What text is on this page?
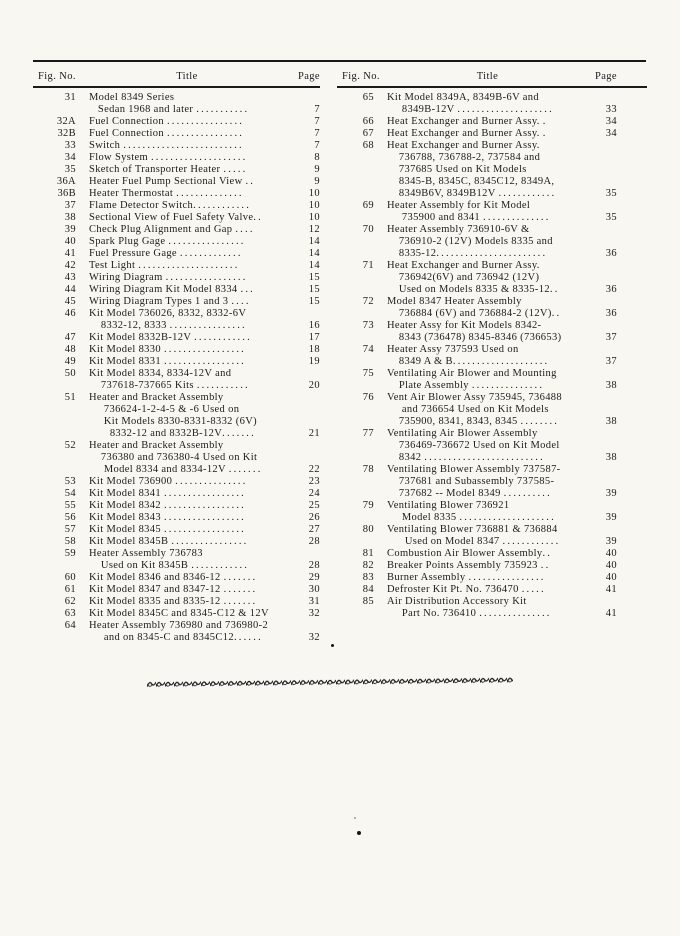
Fig. No.	Title	Page
31	Model 8349 Series
Sedan 1968 and later ...........	7
32A	Fuel Connection ................	7
32B	Fuel Connection ................	7
33	Switch .........................	7
34	Flow System ....................	8
35	Sketch of Transporter Heater .....	9
36A	Heater Fuel Pump Sectional View ..	9
36B	Heater Thermostat ..............	10
37	Flame Detector Switch............	10
38	Sectional View of Fuel Safety Valve..	10
39	Check Plug Alignment and Gap ....	12
40	Spark Plug Gage ................	14
41	Fuel Pressure Gage .............	14
42	Test Light .....................	14
43	Wiring Diagram .................	15
44	Wiring Diagram Kit Model 8334 ...	15
45	Wiring Diagram Types 1 and 3 ....	15
46	Kit Model 736026, 8332, 8332-6V
8332-12, 8333 ................	16
47	Kit Model 8332B-12V ............	17
48	Kit Model 8330 .................	18
49	Kit Model 8331 .................	19
50	Kit Model 8334, 8334-12V and
737618-737665 Kits ...........	20
51	Heater and Bracket Assembly
736624-1-2-4-5 & -6 Used on
Kit Models 8330-8331-8332 (6V)
8332-12 and 8332B-12V.......	21
52	Heater and Bracket Assembly
736380 and 736380-4 Used on Kit
Model 8334 and 8334-12V .......	22
53	Kit Model 736900 ...............	23
54	Kit Model 8341 .................	24
55	Kit Model 8342 .................	25
56	Kit Model 8343 .................	26
57	Kit Model 8345 .................	27
58	Kit Model 8345B ................	28
59	Heater Assembly 736783
Used on Kit 8345B ............	28
60	Kit Model 8346 and 8346-12 .......	29
61	Kit Model 8347 and 8347-12 .......	30
62	Kit Model 8335 and 8335-12 .......	31
63	Kit Model 8345C and 8345-C12 & 12V	32
64	Heater Assembly 736980 and 736980-2
and on 8345-C and 8345C12......	32
Fig. No.	Title	Page
65	Kit Model 8349A, 8349B-6V and
8349B-12V ....................	33
66	Heat Exchanger and Burner Assy. .	34
67	Heat Exchanger and Burner Assy. .	34
68	Heat Exchanger and Burner Assy.
736788, 736788-2, 737584 and
737685 Used on Kit Models
8345-B, 8345C, 8345C12, 8349A,
8349B6V, 8349B12V ............	35
69	Heater Assembly for Kit Model
735900 and 8341 ..............	35
70	Heater Assembly 736910-6V &
736910-2 (12V) Models 8335 and
8335-12.......................	36
71	Heat Exchanger and Burner Assy.
736942(6V) and 736942 (12V)
Used on Models 8335 & 8335-12..	36
72	Model 8347 Heater Assembly
736884 (6V) and 736884-2 (12V)..	36
73	Heater Assy for Kit Models 8342-
8343 (736478) 8345-8346 (736653)	37
74	Heater Assy 737593 Used on
8349 A & B....................	37
75	Ventilating Air Blower and Mounting
Plate Assembly ...............	38
76	Vent Air Blower Assy 735945, 736488
and 736654 Used on Kit Models
735900, 8341, 8343, 8345 ........	38
77	Ventilating Air Blower Assembly
736469-736672 Used on Kit Model
8342 .........................	38
78	Ventilating Blower Assembly 737587-
737681 and Subassembly 737585-
737682 -- Model 8349 ..........	39
79	Ventilating Blower 736921
Model 8335 ....................	39
80	Ventilating Blower 736881 & 736884
Used on Model 8347 ............	39
81	Combustion Air Blower Assembly..	40
82	Breaker Points Assembly 735923 ..	40
83	Burner Assembly ................	40
84	Defroster Kit Pt. No. 736470 .....	41
85	Air Distribution Accessory Kit
Part No. 736410 ...............	41
